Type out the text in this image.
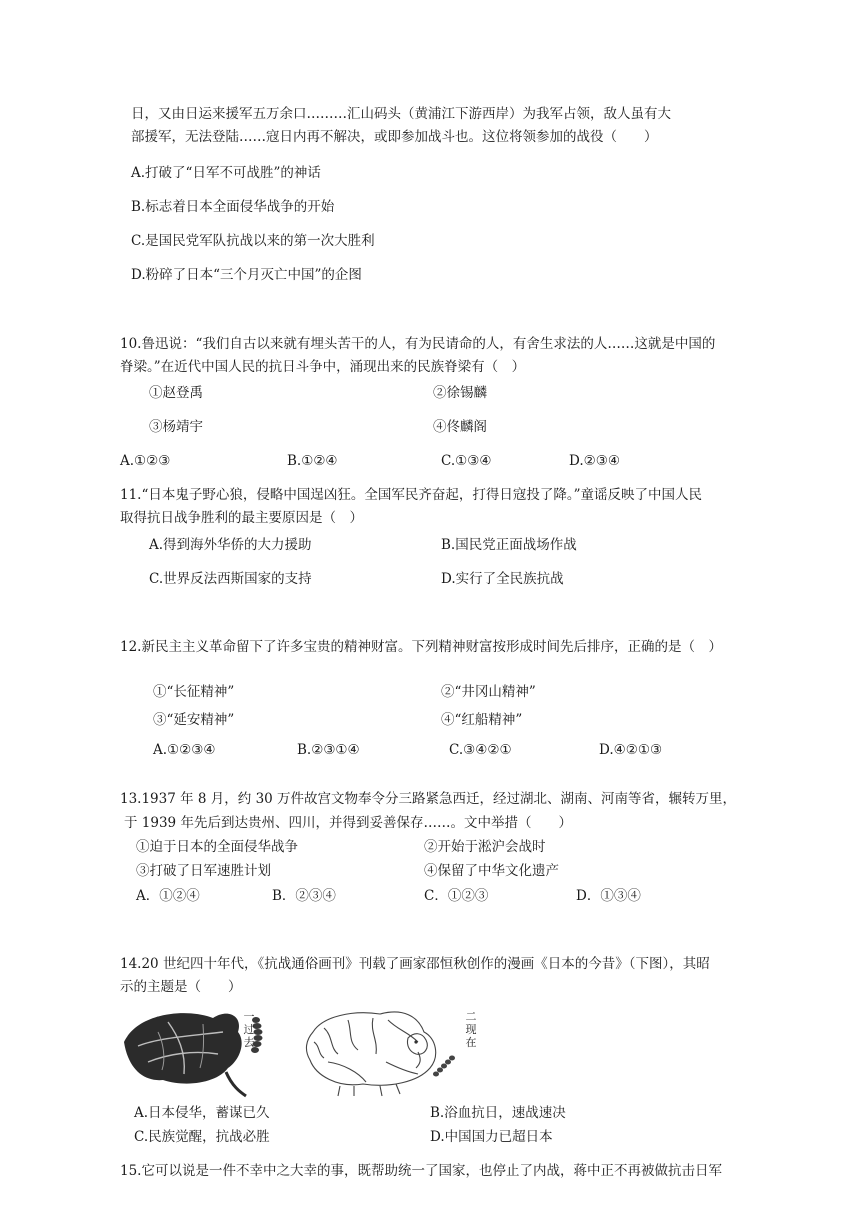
日，又由日运来援军五万余口………汇山码头（黄浦江下游西岸）为我军占领，敌人虽有大
部援军，无法登陆……寇日内再不解决，或即参加战斗也。这位将领参加的战役（　　）
A.打破了“日军不可战胜”的神话
B.标志着日本全面侵华战争的开始
C.是国民党军队抗战以来的第一次大胜利
D.粉碎了日本“三个月灭亡中国”的企图
10.鲁迅说：“我们自古以来就有埋头苦干的人，有为民请命的人，有舍生求法的人……这就是中国的
脊梁。”在近代中国人民的抗日斗争中，涌现出来的民族脊梁有（　）
①赵登禹	②徐锡麟
③杨靖宇	④佟麟阁
A.①②③	B.①②④	C.①③④	D.②③④
11.“日本鬼子野心狼，侵略中国逞凶狂。全国军民齐奋起，打得日寇投了降。”童谣反映了中国人民
取得抗日战争胜利的最主要原因是（　）
A.得到海外华侨的大力援助	B.国民党正面战场作战
C.世界反法西斯国家的支持	D.实行了全民族抗战
12.新民主主义革命留下了许多宝贵的精神财富。下列精神财富按形成时间先后排序，正确的是（　）
①“长征精神”	②“井冈山精神”
③“延安精神”	④“红船精神”
A.①②③④	B.②③①④	C.③④②①	D.④②①③
13.1937 年 8 月，约 30 万件故宫文物奉令分三路紧急西迁，经过湖北、湖南、河南等省，辗转万里，
于 1939 年先后到达贵州、四川，并得到妥善保存……。文中举措（　　）
①迫于日本的全面侵华战争	②开始于淞沪会战时
③打破了日军速胜计划	④保留了中华文化遗产
A．①②④	B．②③④	C．①②③	D．①③④
14.20 世纪四十年代，《抗战通俗画刊》刊载了画家邵恒秋创作的漫画《日本的今昔》（下图），其昭
示的主题是（　　）
一过去
二现在
A.日本侵华，蓄谋已久	B.浴血抗日，速战速决
C.民族觉醒，抗战必胜	D.中国国力已超日本
15.它可以说是一件不幸中之大幸的事，既帮助统一了国家，也停止了内战，蒋中正不再被做抗击日军
